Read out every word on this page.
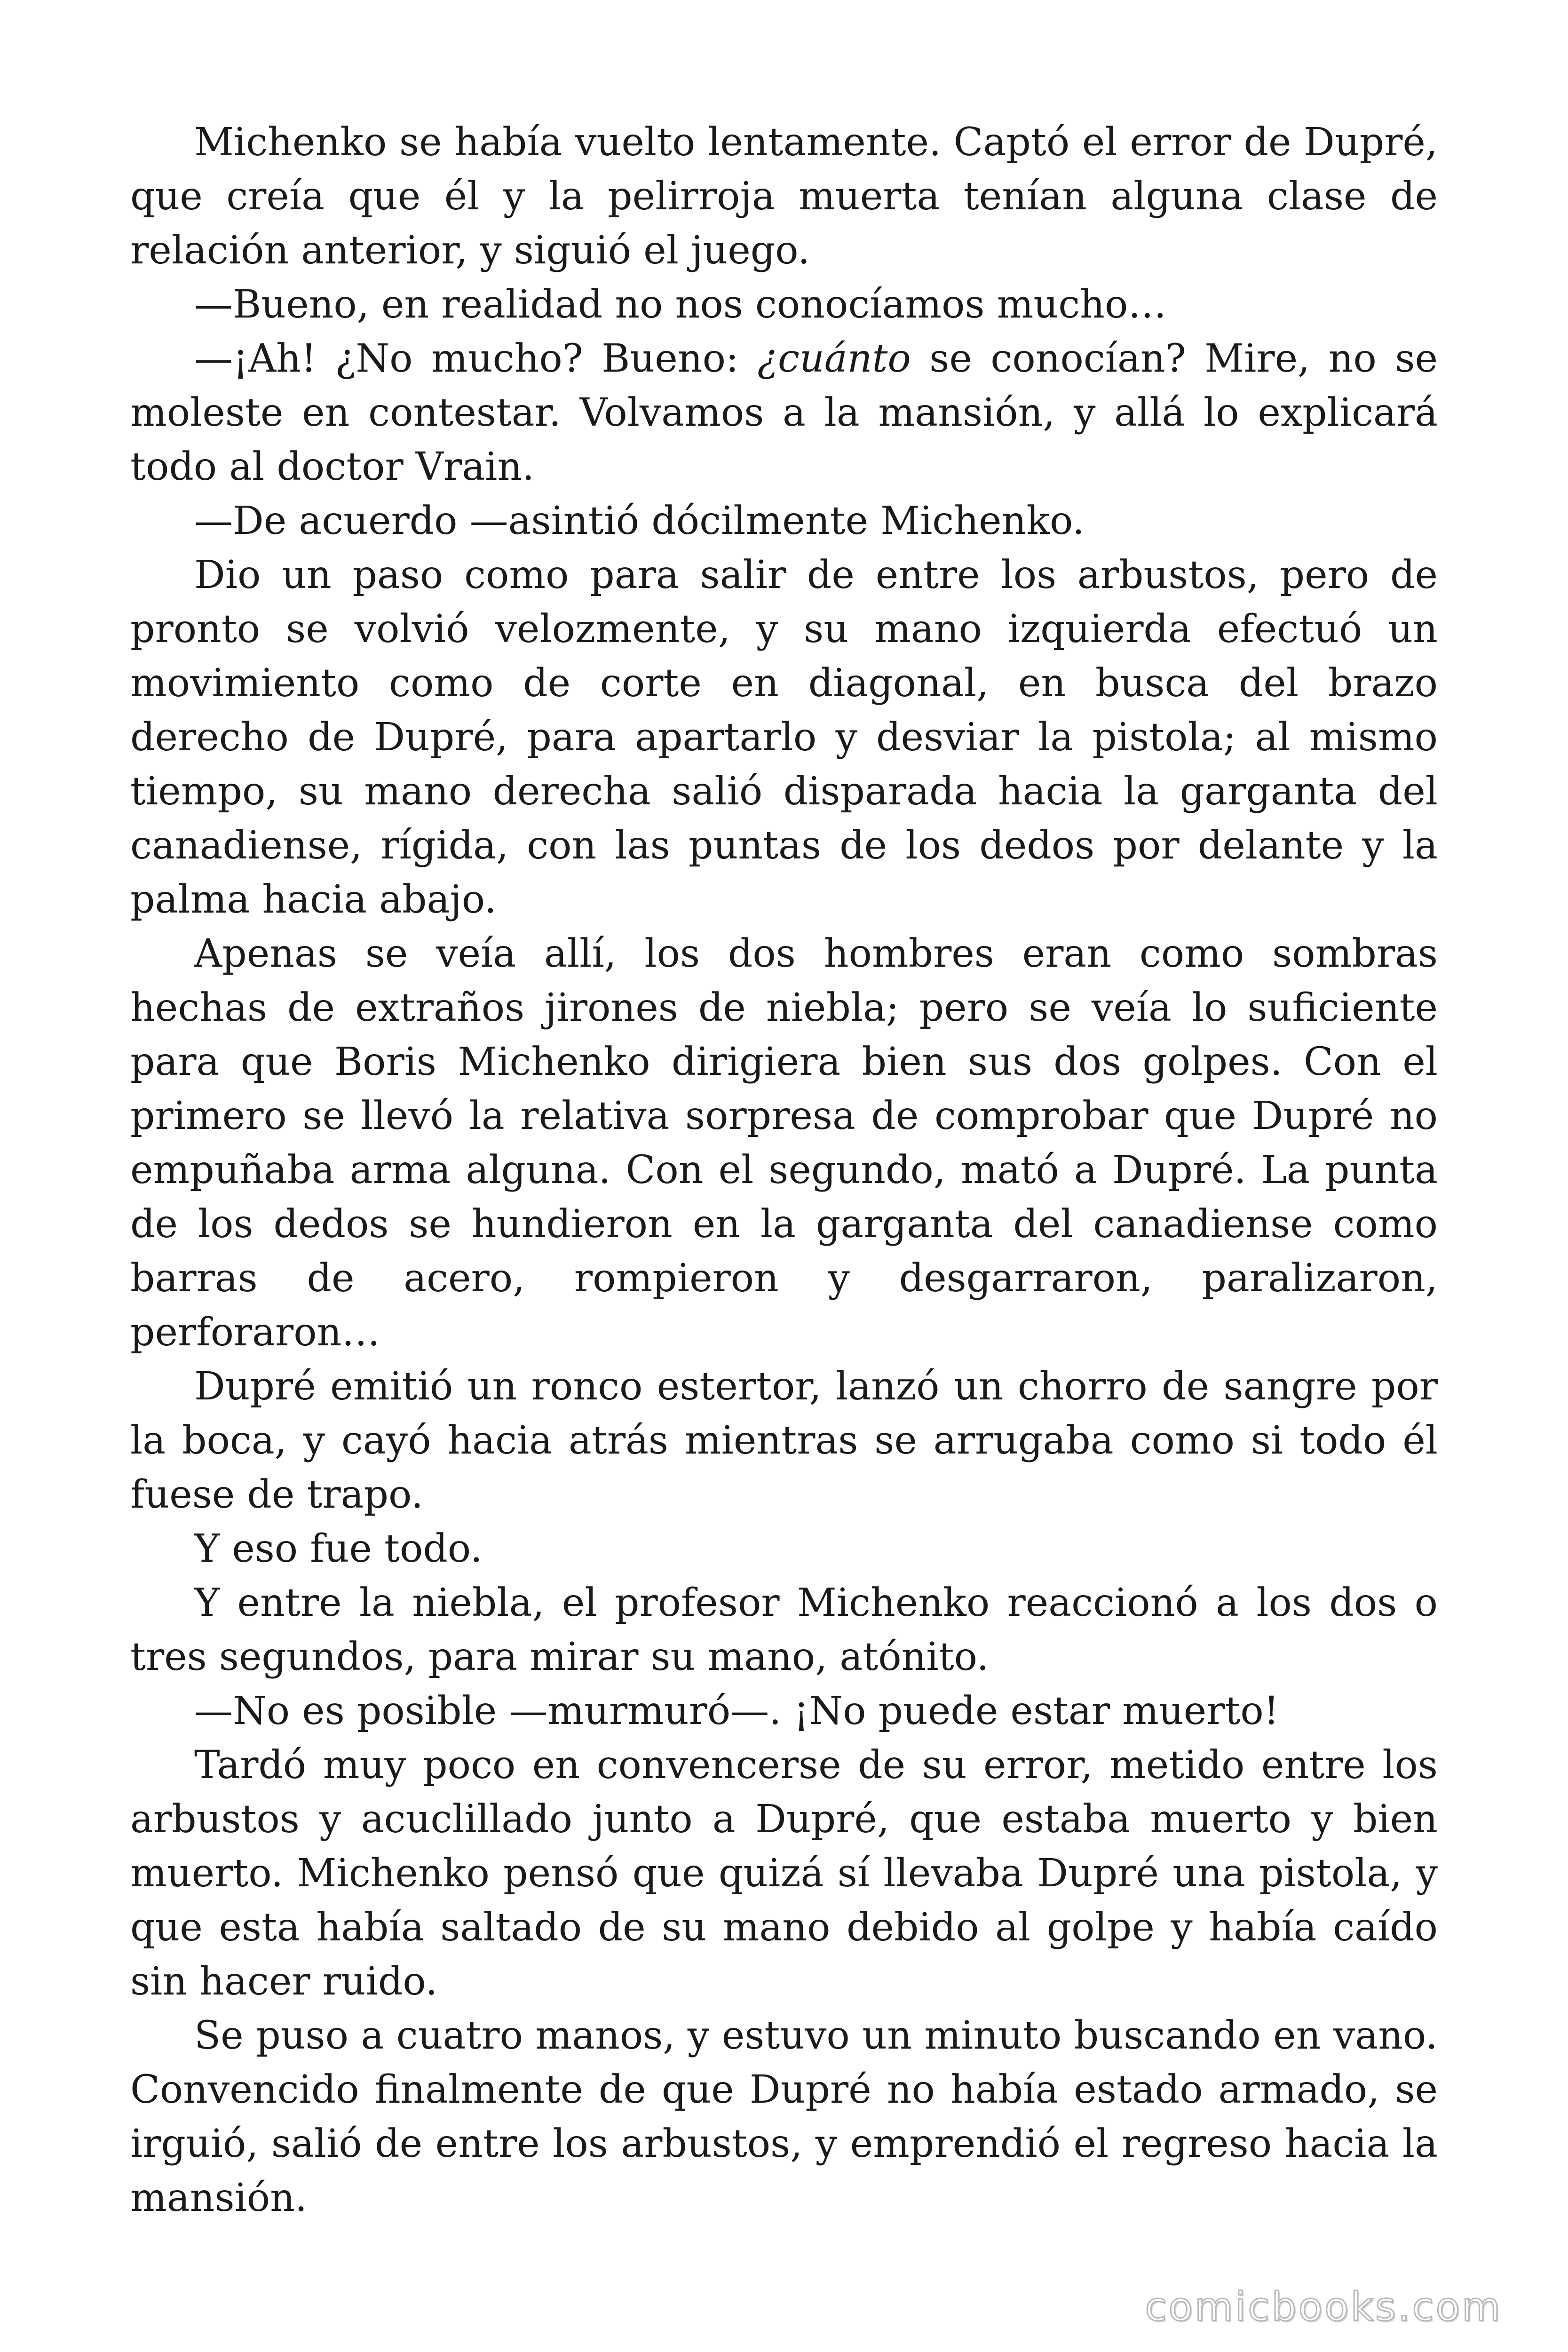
Michenko se había vuelto lentamente. Captó el error de Dupré, que creía que él y la pelirroja muerta tenían alguna clase de relación anterior, y siguió el juego.

—Bueno, en realidad no nos conocíamos mucho…

—¡Ah! ¿No mucho? Bueno: ¿cuánto se conocían? Mire, no se moleste en contestar. Volvamos a la mansión, y allá lo explicará todo al doctor Vrain.

—De acuerdo —asintió dócilmente Michenko.

Dio un paso como para salir de entre los arbustos, pero de pronto se volvió velozmente, y su mano izquierda efectuó un movimiento como de corte en diagonal, en busca del brazo derecho de Dupré, para apartarlo y desviar la pistola; al mismo tiempo, su mano derecha salió disparada hacia la garganta del canadiense, rígida, con las puntas de los dedos por delante y la palma hacia abajo.

Apenas se veía allí, los dos hombres eran como sombras hechas de extraños jirones de niebla; pero se veía lo suficiente para que Boris Michenko dirigiera bien sus dos golpes. Con el primero se llevó la relativa sorpresa de comprobar que Dupré no empuñaba arma alguna. Con el segundo, mató a Dupré. La punta de los dedos se hundieron en la garganta del canadiense como barras de acero, rompieron y desgarraron, paralizaron, perforaron…

Dupré emitió un ronco estertor, lanzó un chorro de sangre por la boca, y cayó hacia atrás mientras se arrugaba como si todo él fuese de trapo.

Y eso fue todo.

Y entre la niebla, el profesor Michenko reaccionó a los dos o tres segundos, para mirar su mano, atónito.

—No es posible —murmuró—. ¡No puede estar muerto!

Tardó muy poco en convencerse de su error, metido entre los arbustos y acuclillado junto a Dupré, que estaba muerto y bien muerto. Michenko pensó que quizá sí llevaba Dupré una pistola, y que esta había saltado de su mano debido al golpe y había caído sin hacer ruido.

Se puso a cuatro manos, y estuvo un minuto buscando en vano. Convencido finalmente de que Dupré no había estado armado, se irguió, salió de entre los arbustos, y emprendió el regreso hacia la mansión.

comicbooks.com
